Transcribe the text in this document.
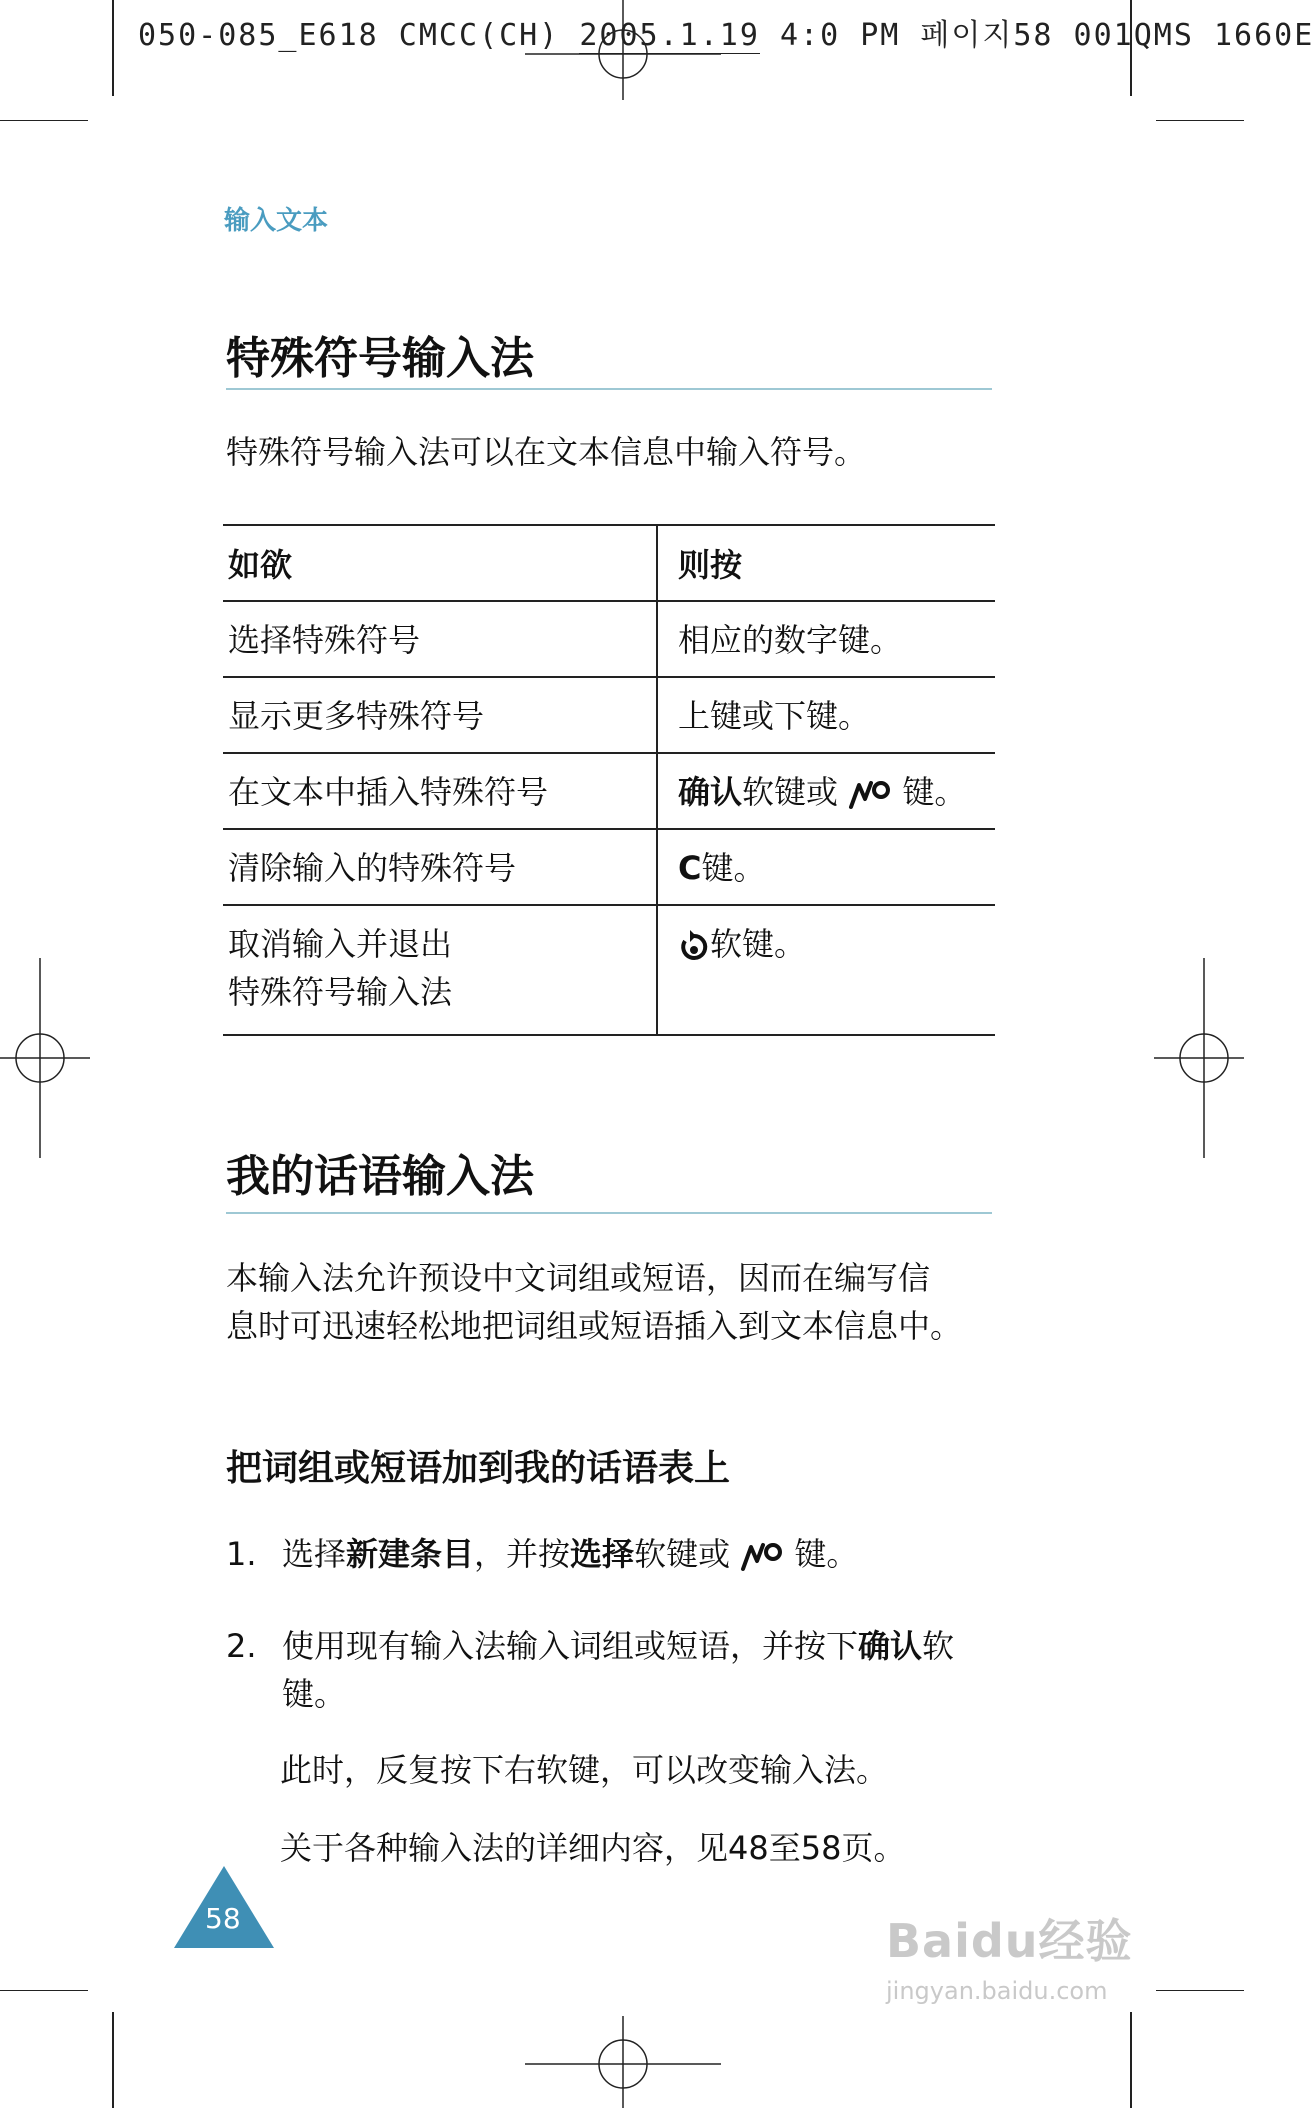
050-085_E618 CMCC(CH) 2005.1.19 4:0 PM 페이지58 001QMS 1660E
输入文本
特殊符号输入法
特殊符号输入法可以在文本信息中输入符号。
如欲	则按
选择特殊符号	相应的数字键。
显示更多特殊符号	上键或下键。
在文本中插入特殊符号	确认软键或 键。
清除输入的特殊符号	C键。

取消输入并退出
特殊符号输入法	软键。
我的话语输入法
本输入法允许预设中文词组或短语，因而在编写信
息时可迅速轻松地把词组或短语插入到文本信息中。
把词组或短语加到我的话语表上
1. 选择新建条目，并按选择软键或 键。
2. 使用现有输入法输入词组或短语，并按下确认软
键。
此时，反复按下右软键，可以改变输入法。
关于各种输入法的详细内容，见48至58页。
58	Baidu经验
jingyan.baidu.com
